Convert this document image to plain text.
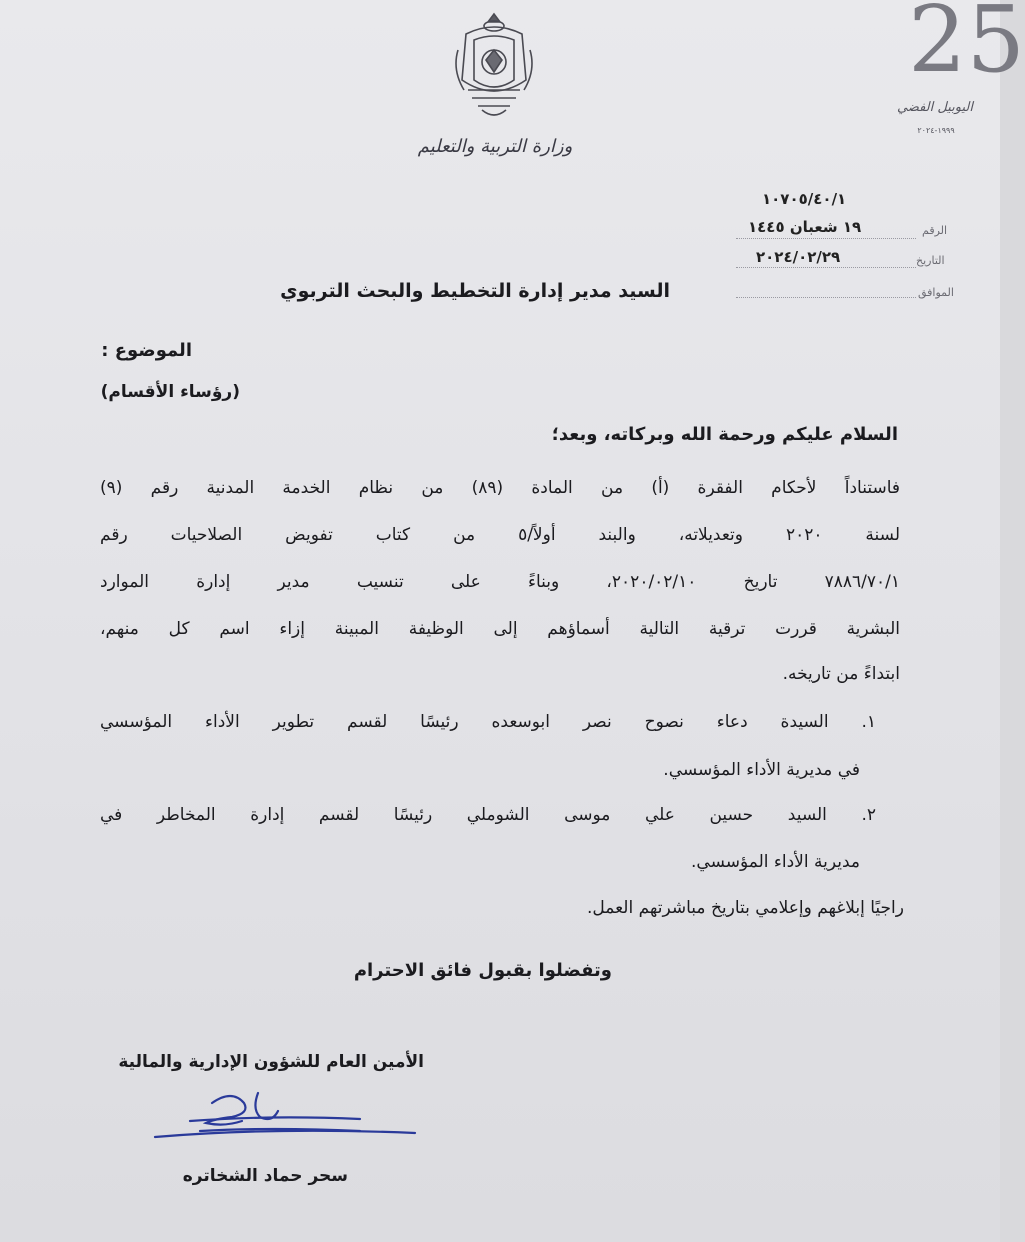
وزارة التربية والتعليم
25
اليوبيل الفضي
١٩٩٩-٢٠٢٤
١٠٧٠٥/٤٠/١
١٩ شعبان ١٤٤٥	الرقم
٢٠٢٤/٠٢/٢٩	التاريخ
الموافق
السيد مدير إدارة التخطيط والبحث التربوي
الموضوع :
(رؤساء الأقسام)
السلام عليكم ورحمة الله وبركاته، وبعد؛
فاستناداً لأحكام الفقرة (أ) من المادة (٨٩) من نظام الخدمة المدنية رقم (٩)
لسنة ٢٠٢٠ وتعديلاته، والبند أولاً/٥ من كتاب تفويض الصلاحيات رقم
٧٨٨٦/٧٠/١ تاريخ ٢٠٢٠/٠٢/١٠، وبناءً على تنسيب مدير إدارة الموارد
البشرية قررت ترقية التالية أسماؤهم إلى الوظيفة المبينة إزاء اسم كل منهم،
ابتداءً من تاريخه.
١. السيدة دعاء نصوح نصر ابوسعده رئيسًا لقسم تطوير الأداء المؤسسي
في مديرية الأداء المؤسسي.
٢. السيد حسين علي موسى الشوملي رئيسًا لقسم إدارة المخاطر في
مديرية الأداء المؤسسي.
راجيًا إبلاغهم وإعلامي بتاريخ مباشرتهم العمل.
وتفضلوا بقبول فائق الاحترام
الأمين العام للشؤون الإدارية والمالية
سحر حماد الشخاتره
